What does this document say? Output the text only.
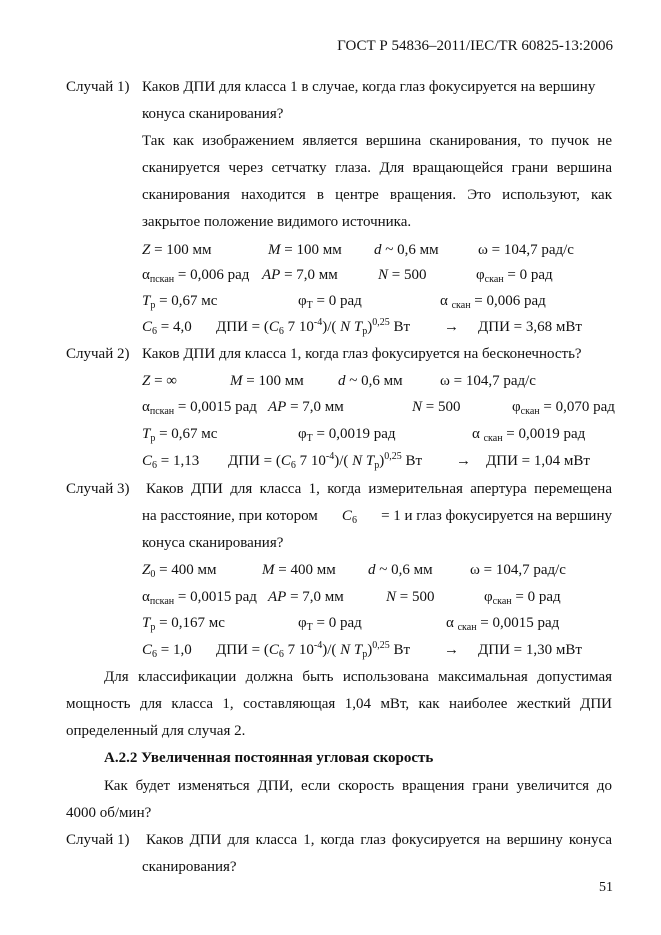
ГОСТ Р 54836–2011/IEC/TR 60825-13:2006
Случай 1) Каков ДПИ для класса 1 в случае, когда глаз фокусируется на вершину
конуса сканирования?
Так как изображением является вершина сканирования, то пучок не
сканируется через сетчатку глаза. Для вращающейся грани вершина
сканирования находится в центре вращения. Это используют, как
закрытое положение видимого источника.
Z = 100 мм	M = 100 мм d ~ 0,6 мм	ω = 104,7 рад/с
$\alpha_{пскан} = 0,006$ рад AP = 7,0 мм	N = 500	$\varphi_{скан} = 0$ рад
$T_р = 0,67$ мс	$\varphi_T = 0$ рад	α $_{скан}$ = 0,006 рад
$C_6 = 4,0$ ДПИ = ($C_6$ 7 $10^{-4})/$( N $T_р)^{0,25}$ Вт → ДПИ = 3,68 мВт
Случай 2) Каков ДПИ для класса 1, когда глаз фокусируется на бесконечность?
Z = ∞	M = 100 мм d ~ 0,6 мм ω = 104,7 рад/с
$\alpha_{пскан} = 0,0015$ рад AP = 7,0 мм	N = 500	$\varphi_{скан} = 0,070$ рад
$T_р = 0,67$ мс	$\varphi_T = 0,0019$ рад	α $_{скан}$ = 0,0019 рад
$C_6 = 1,13$ ДПИ = ($C_6$ 7 $10^{-4})/$( N $T_р)^{0,25}$ Вт → ДПИ = 1,04 мВт
Случай 3) Каков ДПИ для класса 1, когда измерительная апертура перемещена
на расстояние, при котором $C_6 = 1$ и глаз фокусируется на вершину
конуса сканирования?
$Z_0 = 400$ мм	M = 400 мм d ~ 0,6 мм ω = 104,7 рад/с
$\alpha_{пскан} = 0,0015$ рад AP = 7,0 мм	N = 500	$\varphi_{скан} = 0$ рад
$T_р = 0,167$ мс	$\varphi_T = 0$ рад	α $_{скан}$ = 0,0015 рад
$C_6 = 1,0$ ДПИ = ($C_6$ 7 $10^{-4})/$( N $T_р)^{0,25}$ Вт → ДПИ = 1,30 мВт
Для классификации должна быть использована максимальная допустимая
мощность для класса 1, составляющая 1,04 мВт, как наиболее жесткий ДПИ
определенный для случая 2.
А.2.2 Увеличенная постоянная угловая скорость
Как будет изменяться ДПИ, если скорость вращения грани увеличится до
4000 об/мин?
Случай 1) Каков ДПИ для класса 1, когда глаз фокусируется на вершину конуса
сканирования?
51
